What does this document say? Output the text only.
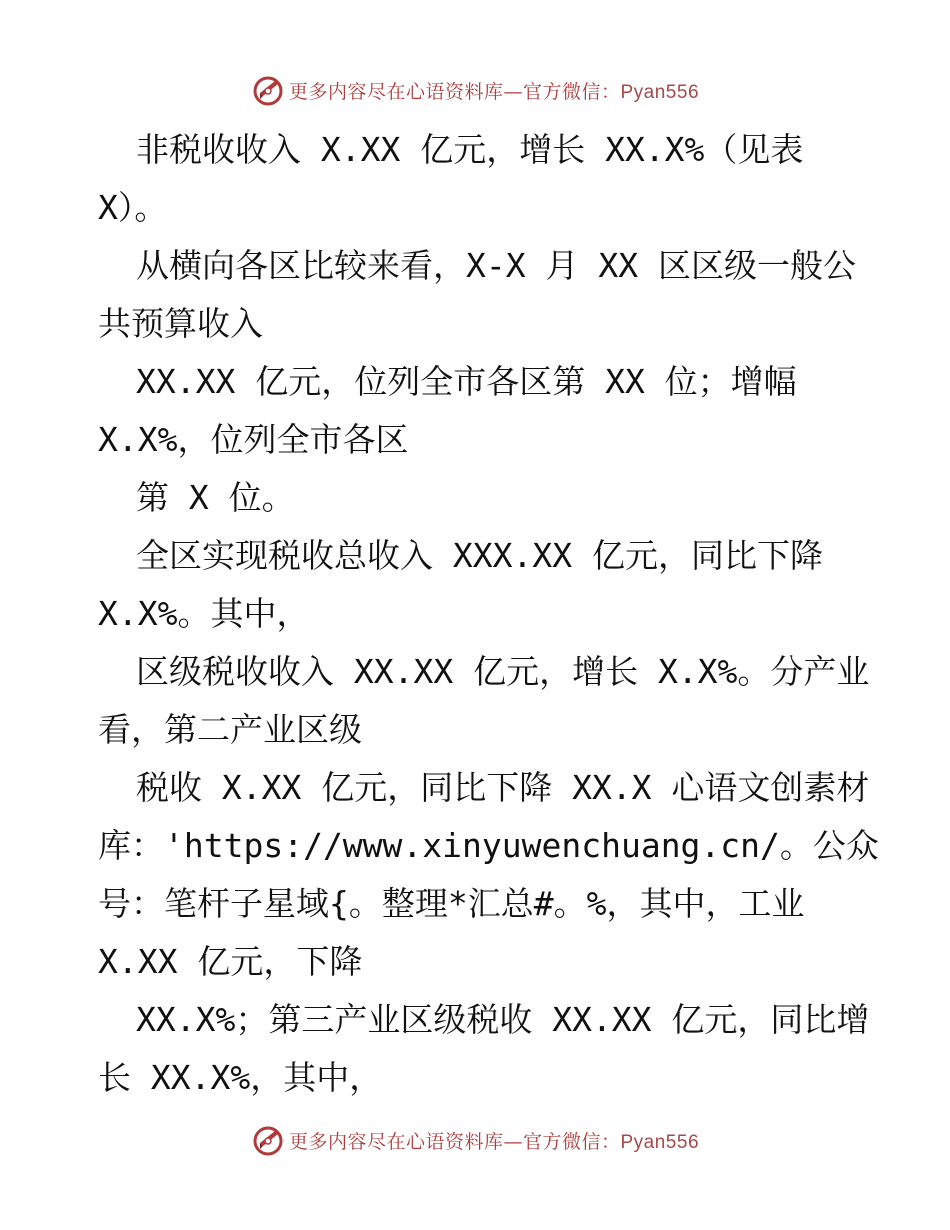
更多内容尽在心语资料库—官方微信：Pyan556
非税收收入 X.XX 亿元，增长 XX.X%（见表
X）。
从横向各区比较来看，X-X 月 XX 区区级一般公
共预算收入
XX.XX 亿元，位列全市各区第 XX 位；增幅
X.X%，位列全市各区
第 X 位。
全区实现税收总收入 XXX.XX 亿元，同比下降
X.X%。其中，
区级税收收入 XX.XX 亿元，增长 X.X%。分产业
看，第二产业区级
税收 X.XX 亿元，同比下降 XX.X 心语文创素材
库：'https://www.xinyuwenchuang.cn/。公众
号：笔杆子星域{。整理*汇总#。%，其中，工业
X.XX 亿元，下降
XX.X%；第三产业区级税收 XX.XX 亿元，同比增
长 XX.X%，其中，
更多内容尽在心语资料库—官方微信：Pyan556
